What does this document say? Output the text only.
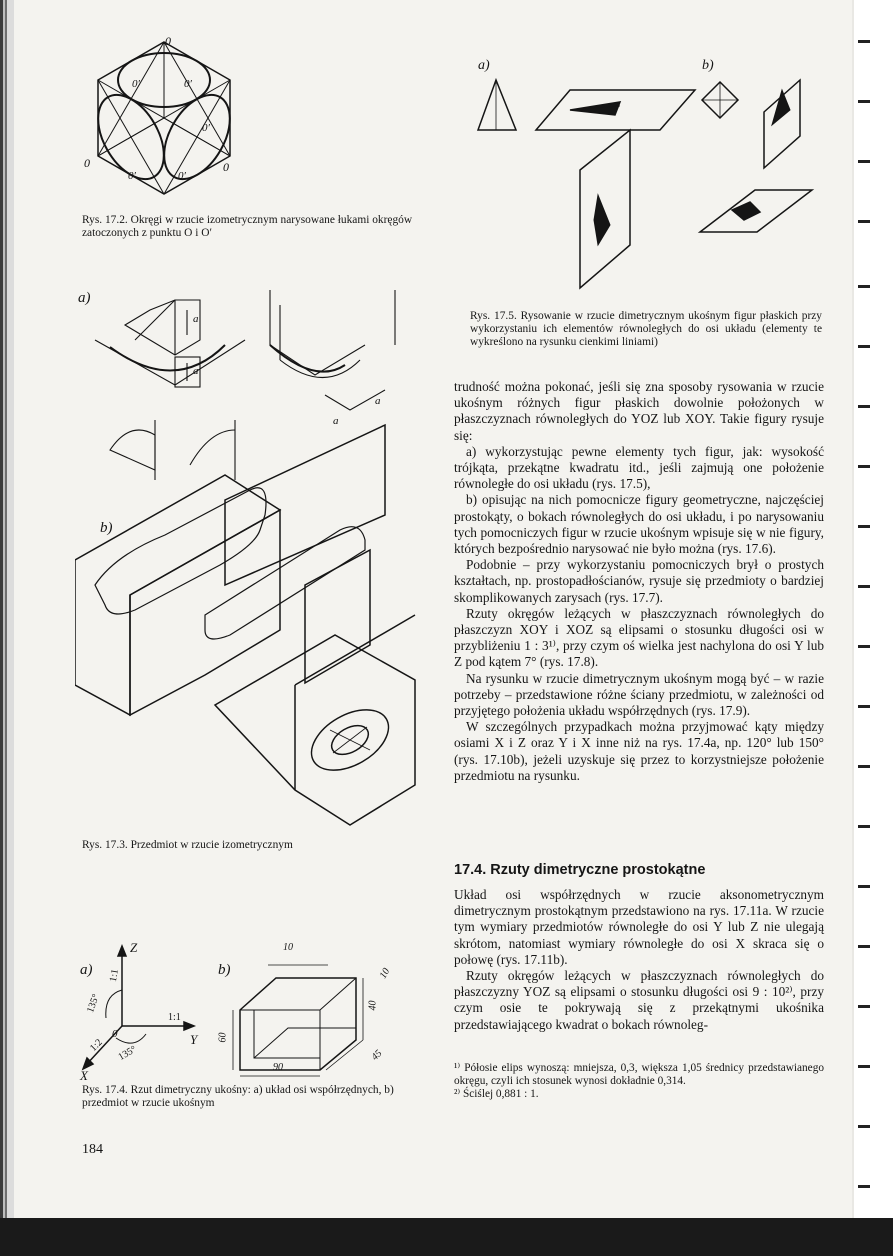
0
0′	0′
0′
0
0′
0
0′
Rys. 17.2. Okręgi w rzucie izometrycznym narysowane łukami okręgów zatoczonych z punktu O i O′
a)	b)
Rys. 17.5. Rysowanie w rzucie dimetrycznym ukośnym figur płaskich przy wykorzystaniu ich elementów równoległych do osi układu (elementy te wykreślono na rysunku cienkimi liniami)
a)
b)
a
a
a
a
Rys. 17.3. Przedmiot w rzucie izometrycznym
a)	b)
Z
Y
X
0
135°
135°
1:1
1:1
1:2
10
10
40
60
90
45
Rys. 17.4. Rzut dimetryczny ukośny: a) układ osi współrzędnych, b) przedmiot w rzucie ukośnym
184

trudność można pokonać, jeśli się zna sposoby rysowania w rzucie ukośnym różnych figur płaskich dowolnie położonych w płaszczyznach równoległych do YOZ lub XOY. Takie figury rysuje się:

a) wykorzystując pewne elementy tych figur, jak: wysokość trójkąta, przekątne kwadratu itd., jeśli zajmują one położenie równoległe do osi układu (rys. 17.5),

b) opisując na nich pomocnicze figury geometryczne, najczęściej prostokąty, o bokach równoległych do osi układu, i po narysowaniu tych pomocniczych figur w rzucie ukośnym wpisuje się w nie figury, których bezpośrednio narysować nie było można (rys. 17.6).

Podobnie – przy wykorzystaniu pomocniczych brył o prostych kształtach, np. prostopadłościanów, rysuje się przedmioty o bardziej skomplikowanych zarysach (rys. 17.7).

Rzuty okręgów leżących w płaszczyznach równoległych do płaszczyzn XOY i XOZ są elipsami o stosunku długości osi w przybliżeniu 1 : 3¹⁾, przy czym oś wielka jest nachylona do osi Y lub Z pod kątem 7° (rys. 17.8).

Na rysunku w rzucie dimetrycznym ukośnym mogą być – w razie potrzeby – przedstawione różne ściany przedmiotu, w zależności od przyjętego położenia układu współrzędnych (rys. 17.9).

W szczególnych przypadkach można przyjmować kąty między osiami X i Z oraz Y i X inne niż na rys. 17.4a, np. 120° lub 150° (rys. 17.10b), jeżeli uzyskuje się przez to korzystniejsze położenie przedmiotu na rysunku.

17.4. Rzuty dimetryczne prostokątne

Układ osi współrzędnych w rzucie aksonometrycznym dimetrycznym prostokątnym przedstawiono na rys. 17.11a. W rzucie tym wymiary przedmiotów równoległe do osi Y lub Z nie ulegają skrótom, natomiast wymiary równoległe do osi X skraca się o połowę (rys. 17.11b).

Rzuty okręgów leżących w płaszczyznach równoległych do płaszczyzny YOZ są elipsami o stosunku długości osi 9 : 10²⁾, przy czym osie te pokrywają się z przekątnymi ukośnika przedstawiającego kwadrat o bokach równoleg-

¹⁾ Półosie elips wynoszą: mniejsza, 0,3, większa 1,05 średnicy przedstawianego okręgu, czyli ich stosunek wynosi dokładnie 0,314.

²⁾ Ściślej 0,881 : 1.
